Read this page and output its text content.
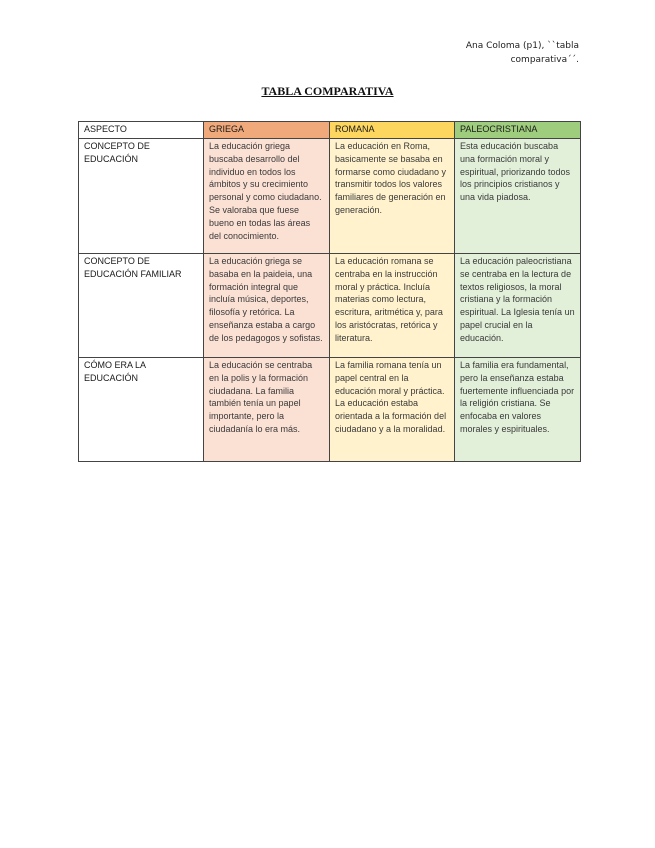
Ana Coloma (p1), ``tabla comparativa´´.
TABLA COMPARATIVA
ASPECTO	GRIEGA	ROMANA	PALEOCRISTIANA
CONCEPTO DE EDUCACIÓN	La educación griega buscaba desarrollo del individuo en todos los ámbitos y su crecimiento personal y como ciudadano. Se valoraba que fuese bueno en todas las áreas del conocimiento.	La educación en Roma, basicamente se basaba en formarse como ciudadano y transmitir todos los valores familiares de generación en generación.	Esta educación buscaba una formación moral y espiritual, priorizando todos los principios cristianos y una vida piadosa.
CONCEPTO DE EDUCACIÓN FAMILIAR	La educación griega se basaba en la paideia, una formación integral que incluía música, deportes, filosofía y retórica. La enseñanza estaba a cargo de los pedagogos y sofistas.	La educación romana se centraba en la instrucción moral y práctica. Incluía materias como lectura, escritura, aritmética y, para los aristócratas, retórica y literatura.	La educación paleocristiana se centraba en la lectura de textos religiosos, la moral cristiana y la formación espiritual. La Iglesia tenía un papel crucial en la educación.
CÓMO ERA LA EDUCACIÓN	La educación se centraba en la polis y la formación ciudadana. La familia también tenía un papel importante, pero la ciudadanía lo era más.	La familia romana tenía un papel central en la educación moral y práctica. La educación estaba orientada a la formación del ciudadano y a la moralidad.	La familia era fundamental, pero la enseñanza estaba fuertemente influenciada por la religión cristiana. Se enfocaba en valores morales y espirituales.
